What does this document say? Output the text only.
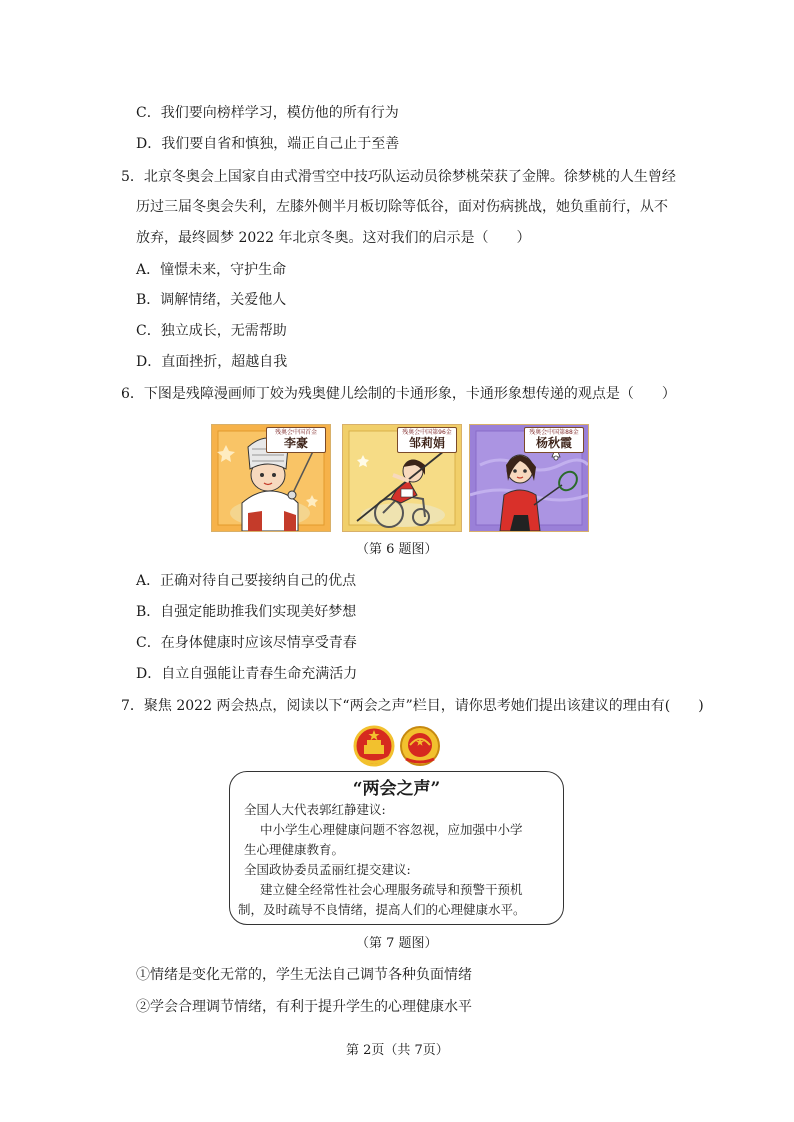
C．我们要向榜样学习，模仿他的所有行为
D．我们要自省和慎独，端正自己止于至善
5．北京冬奥会上国家自由式滑雪空中技巧队运动员徐梦桃荣获了金牌。徐梦桃的人生曾经
历过三届冬奥会失利，左膝外侧半月板切除等低谷，面对伤病挑战，她负重前行，从不
放弃，最终圆梦 2022 年北京冬奥。这对我们的启示是（　　）
A．憧憬未来，守护生命
B．调解情绪，关爱他人
C．独立成长，无需帮助
D．直面挫折，超越自我
6．下图是残障漫画师丁姣为残奥健儿绘制的卡通形象，卡通形象想传递的观点是（　　）
残奥会中国首金
李豪
残奥会中国第96金
邹莉娟
残奥会中国第88金
杨秋霞
（第 6 题图）
A．正确对待自己要接纳自己的优点
B．自强定能助推我们实现美好梦想
C．在身体健康时应该尽情享受青春
D．自立自强能让青春生命充满活力
7．聚焦 2022 两会热点，阅读以下“两会之声”栏目，请你思考她们提出该建议的理由有(　　)
“两会之声”
全国人大代表郭红静建议:
中小学生心理健康问题不容忽视，应加强中小学
生心理健康教育。
全国政协委员孟丽红提交建议:
建立健全经常性社会心理服务疏导和预警干预机
制，及时疏导不良情绪，提高人们的心理健康水平。
（第 7 题图）
①情绪是变化无常的，学生无法自己调节各种负面情绪
②学会合理调节情绪，有利于提升学生的心理健康水平
第 2页（共 7页）
